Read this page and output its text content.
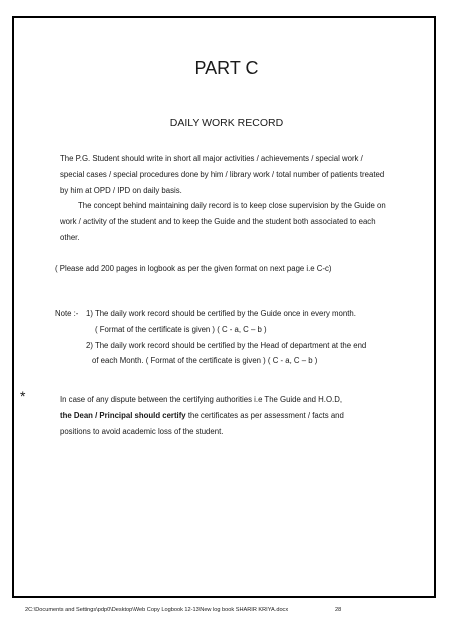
PART C
DAILY WORK RECORD
The P.G. Student should write in short all major activities / achievements / special work /
special cases / special procedures done by him / library work / total number of patients treated
by him at OPD / IPD on daily basis.
The concept behind maintaining daily record is to keep close supervision by the Guide on
work / activity of the student and to keep the Guide and the student both associated to each
other.
( Please add 200 pages in logbook as per the given format on next page i.e C-c)
Note :- 1) The daily work record should be certified by the Guide once in every month.
( Format of the certificate is given ) ( C - a, C – b )
2) The daily work record should be certified by the Head of department at the end
of each Month. ( Format of the certificate is given ) ( C - a, C – b )
*	In case of any dispute between the certifying authorities i.e The Guide and H.O.D,
the Dean / Principal should certify the certificates as per assessment / facts and
positions to avoid academic loss of the student.
2C:\Documents and Settings\pdp0\Desktop\Web Copy Logbook 12-13\New log book SHARIR KRIYA.docx	28
